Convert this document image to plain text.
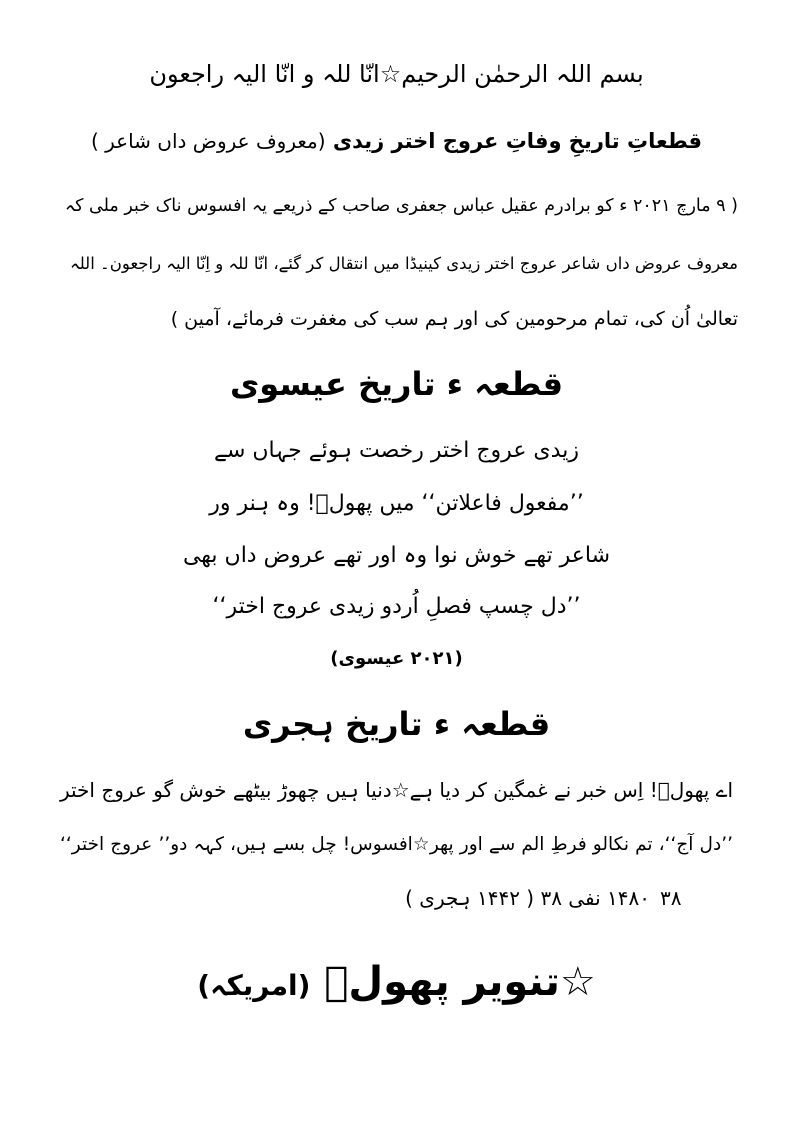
بسم اللہ الرحمٰن الرحیم☆انّا للہ و انّا الیہ راجعون
قطعاتِ تاریخِ وفاتِ عروج اختر زیدی (معروف عروض داں شاعر )
( ۹ مارچ ۲۰۲۱ ء کو برادرم عقیل عباس جعفری صاحب کے ذریعے یہ افسوس ناک خبر ملی کہ
معروف عروض داں شاعر عروج اختر زیدی کینیڈا میں انتقال کر گئے، انّا للہ و اِنّا الیہ راجعون۔ اللہ
تعالیٰ اُن کی، تمام مرحومین کی اور ہم سب کی مغفرت فرمائے، آمین )
قطعہ ء تاریخ عیسوی
زیدی عروج اختر رخصت ہوئے جہاں سے
’’مفعول فاعلاتن‘‘ میں پھولؔ! وہ ہنر ور
شاعر تھے خوش نوا وہ اور تھے عروض داں بھی
’’دل چسپ فصلِ اُردو زیدی عروج اختر‘‘
(۲۰۲۱ عیسوی)
قطعہ ء تاریخ ہجری
اے پھولؔ! اِس خبر نے غمگین کر دیا ہے☆دنیا ہیں چھوڑ بیٹھے خوش گو عروج اختر
’’دل آج‘‘، تم نکالو فرطِ الم سے اور پھر☆افسوس! چل بسے ہیں، کہہ دو’’ عروج اختر‘‘
۳۸
۱۴۸۰ نفی ۳۸ ( ۱۴۴۲ ہجری )
☆تنویر پھولؔ (امریکہ)
